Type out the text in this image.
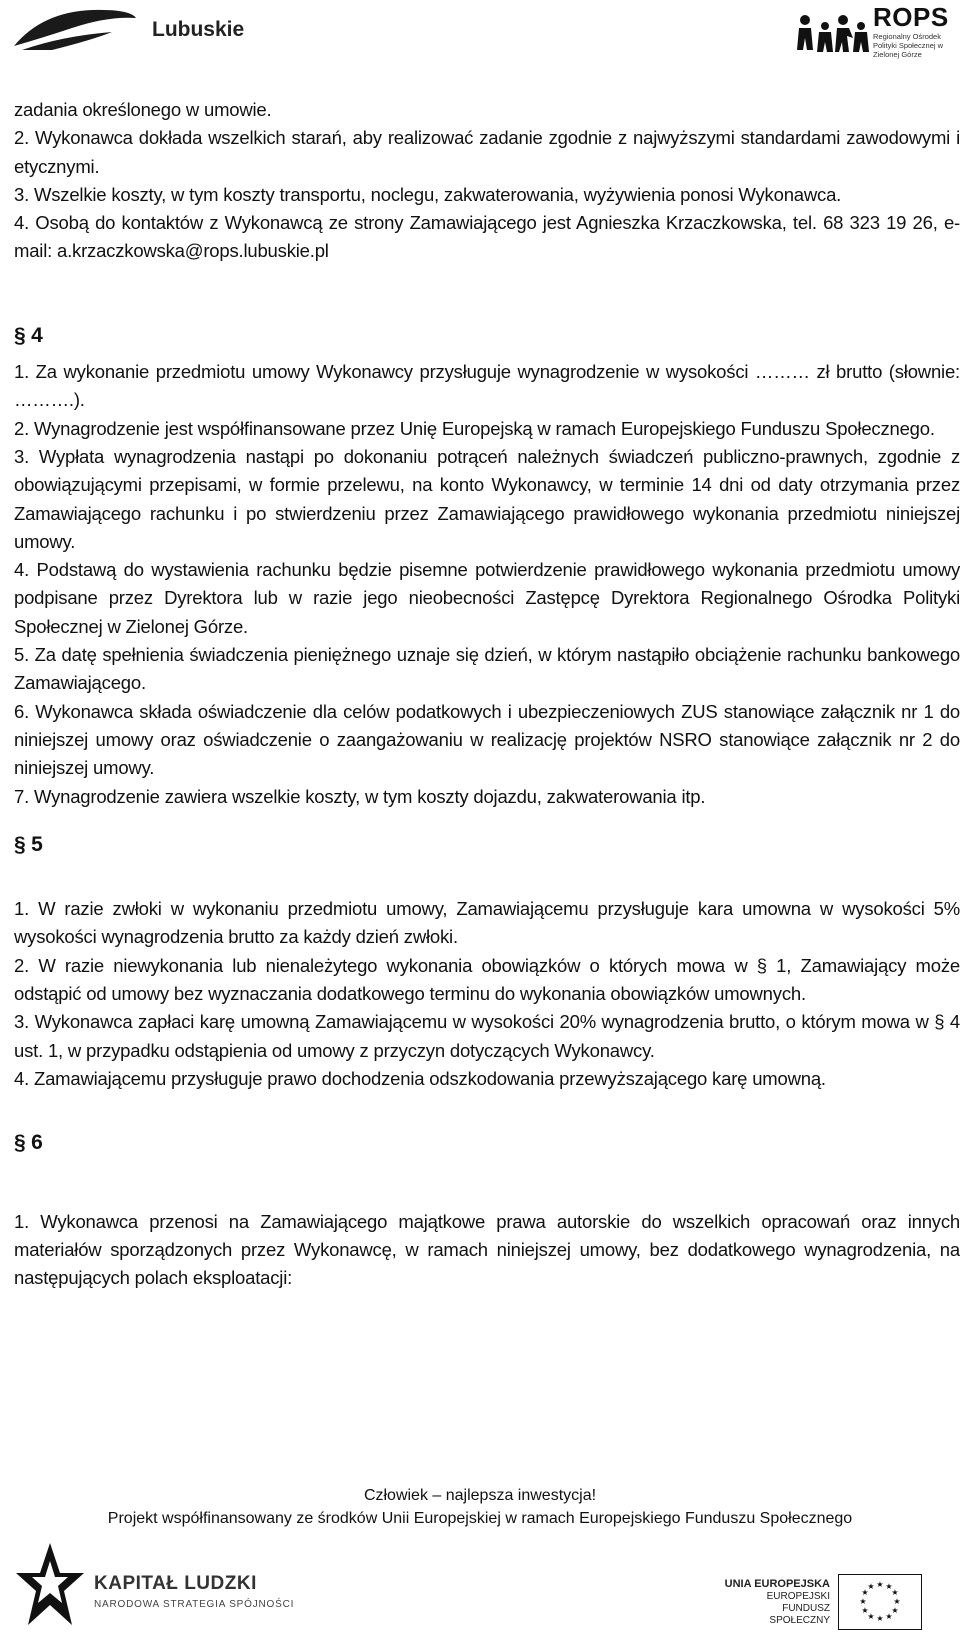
Lubuskie	ROPS
Regionalny Ośrodek Polityki Społecznej w Zielonej Górze

zadania określonego w umowie.

2. Wykonawca dokłada wszelkich starań, aby realizować zadanie zgodnie z najwyższymi standardami zawodowymi i etycznymi.

3. Wszelkie koszty, w tym koszty transportu, noclegu, zakwaterowania, wyżywienia ponosi Wykonawca.

4. Osobą do kontaktów z Wykonawcą ze strony Zamawiającego jest Agnieszka Krzaczkowska, tel. 68 323 19 26, e-mail: a.krzaczkowska@rops.lubuskie.pl

§ 4

1. Za wykonanie przedmiotu umowy Wykonawcy przysługuje wynagrodzenie w wysokości ……… zł brutto (słownie: ……….).

2. Wynagrodzenie jest współfinansowane przez Unię Europejską w ramach Europejskiego Funduszu Społecznego.

3. Wypłata wynagrodzenia nastąpi po dokonaniu potrąceń należnych świadczeń publiczno-prawnych, zgodnie z obowiązującymi przepisami, w formie przelewu, na konto Wykonawcy, w terminie 14 dni od daty otrzymania przez Zamawiającego rachunku i po stwierdzeniu przez Zamawiającego prawidłowego wykonania przedmiotu niniejszej umowy.

4. Podstawą do wystawienia rachunku będzie pisemne potwierdzenie prawidłowego wykonania przedmiotu umowy podpisane przez Dyrektora lub w razie jego nieobecności Zastępcę Dyrektora Regionalnego Ośrodka Polityki Społecznej w Zielonej Górze.

5. Za datę spełnienia świadczenia pieniężnego uznaje się dzień, w którym nastąpiło obciążenie rachunku bankowego Zamawiającego.

6. Wykonawca składa oświadczenie dla celów podatkowych i ubezpieczeniowych ZUS stanowiące załącznik nr 1 do niniejszej umowy oraz oświadczenie o zaangażowaniu w realizację projektów NSRO stanowiące załącznik nr 2 do niniejszej umowy.

7. Wynagrodzenie zawiera wszelkie koszty, w tym koszty dojazdu, zakwaterowania itp.

§ 5

1. W razie zwłoki w wykonaniu przedmiotu umowy, Zamawiającemu przysługuje kara umowna w wysokości 5% wysokości wynagrodzenia brutto za każdy dzień zwłoki.

2. W razie niewykonania lub nienależytego wykonania obowiązków o których mowa w § 1, Zamawiający może odstąpić od umowy bez wyznaczania dodatkowego terminu do wykonania obowiązków umownych.

3. Wykonawca zapłaci karę umowną Zamawiającemu w wysokości 20% wynagrodzenia brutto, o którym mowa w § 4 ust. 1, w przypadku odstąpienia od umowy z przyczyn dotyczących Wykonawcy.

4. Zamawiającemu przysługuje prawo dochodzenia odszkodowania przewyższającego karę umowną.

§ 6

1. Wykonawca przenosi na Zamawiającego majątkowe prawa autorskie do wszelkich opracowań oraz innych materiałów sporządzonych przez Wykonawcę, w ramach niniejszej umowy, bez dodatkowego wynagrodzenia, na następujących polach eksploatacji:

Człowiek – najlepsza inwestycja!
Projekt współfinansowany ze środków Unii Europejskiej w ramach Europejskiego Funduszu Społecznego
KAPITAŁ LUDZKI
NARODOWA STRATEGIA SPÓJNOŚCI
UNIA EUROPEJSKA
EUROPEJSKI
FUNDUSZ SPOŁECZNY
★ ★
★
★
★
★
★
★
★
★
★
★
